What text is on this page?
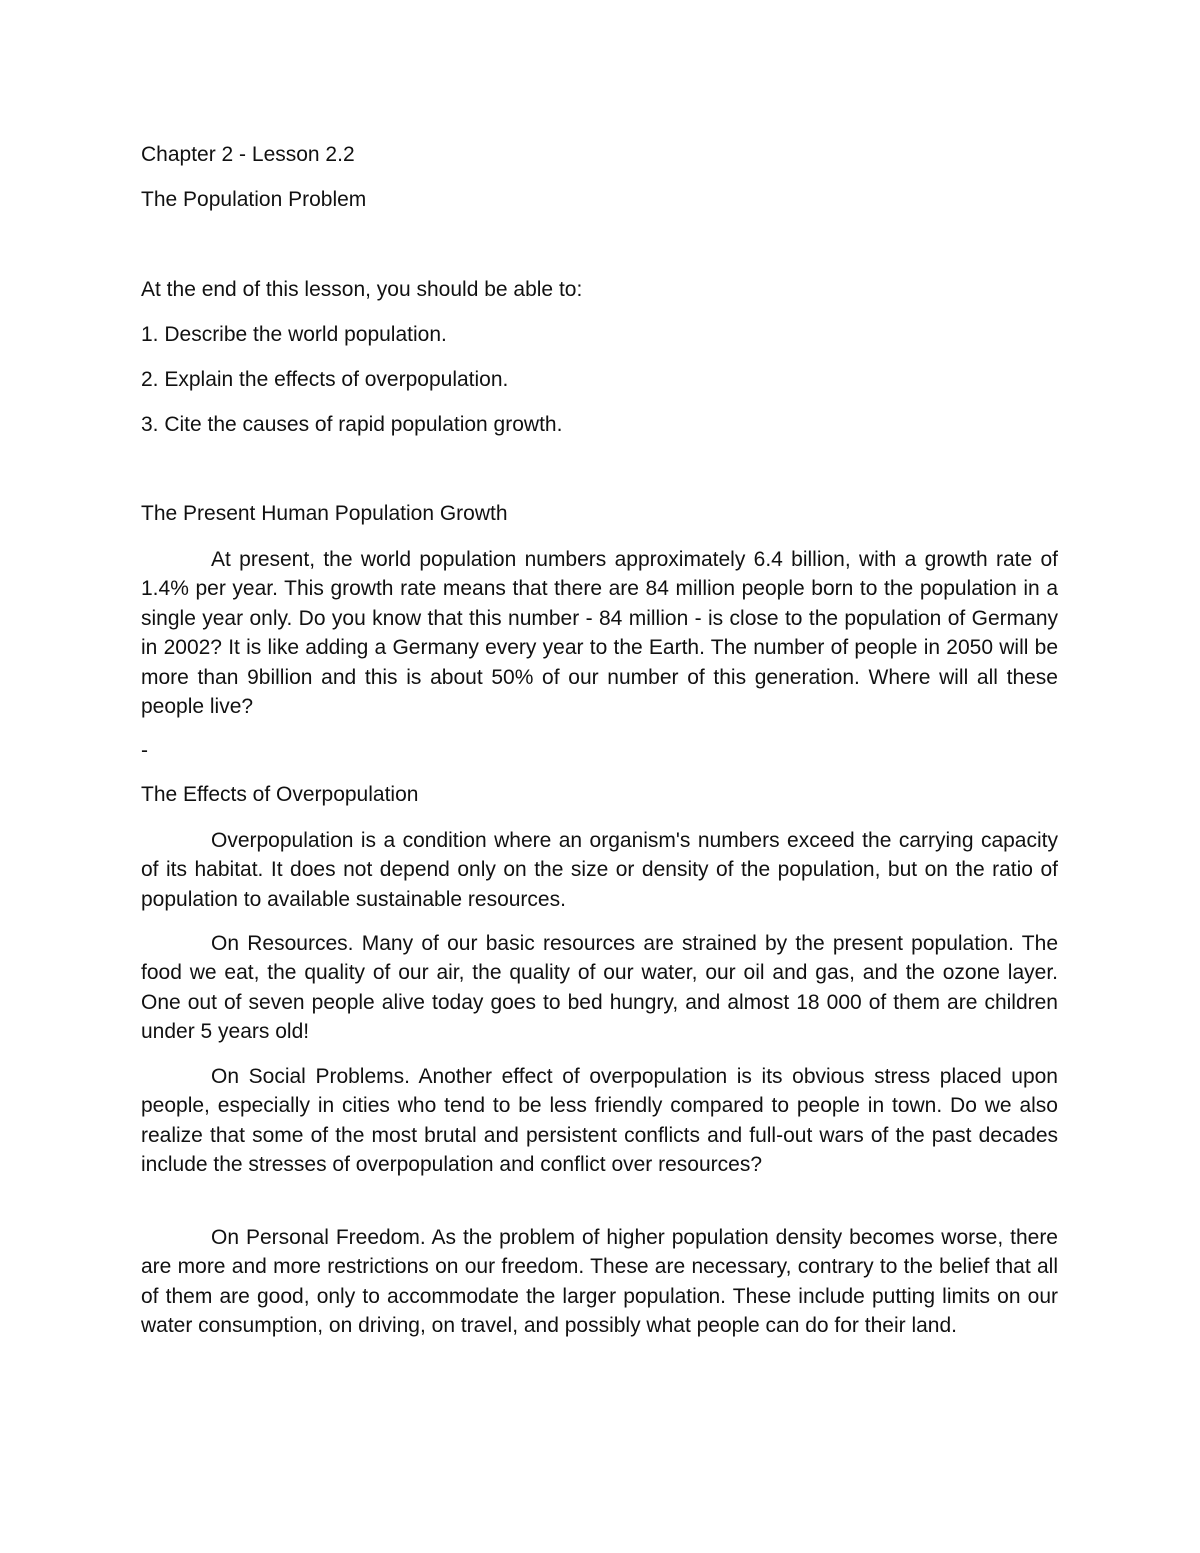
Chapter 2 - Lesson 2.2

The Population Problem

At the end of this lesson, you should be able to:

1. Describe the world population.

2. Explain the effects of overpopulation.

3. Cite the causes of rapid population growth.

The Present Human Population Growth

At present, the world population numbers approximately 6.4 billion, with a growth rate of 1.4% per year. This growth rate means that there are 84 million people born to the population in a single year only. Do you know that this number - 84 million - is close to the population of Germany in 2002? It is like adding a Germany every year to the Earth. The number of people in 2050 will be more than 9billion and this is about 50% of our number of this generation. Where will all these people live?

-

The Effects of Overpopulation

Overpopulation is a condition where an organism's numbers exceed the carrying capacity of its habitat. It does not depend only on the size or density of the population, but on the ratio of population to available sustainable resources.

On Resources. Many of our basic resources are strained by the present population. The food we eat, the quality of our air, the quality of our water, our oil and gas, and the ozone layer. One out of seven people alive today goes to bed hungry, and almost 18 000 of them are children under 5 years old!

On Social Problems. Another effect of overpopulation is its obvious stress placed upon people, especially in cities who tend to be less friendly compared to people in town. Do we also realize that some of the most brutal and persistent conflicts and full-out wars of the past decades include the stresses of overpopulation and conflict over resources?

On Personal Freedom. As the problem of higher population density becomes worse, there are more and more restrictions on our freedom. These are necessary, contrary to the belief that all of them are good, only to accommodate the larger population. These include putting limits on our water consumption, on driving, on travel, and possibly what people can do for their land.
